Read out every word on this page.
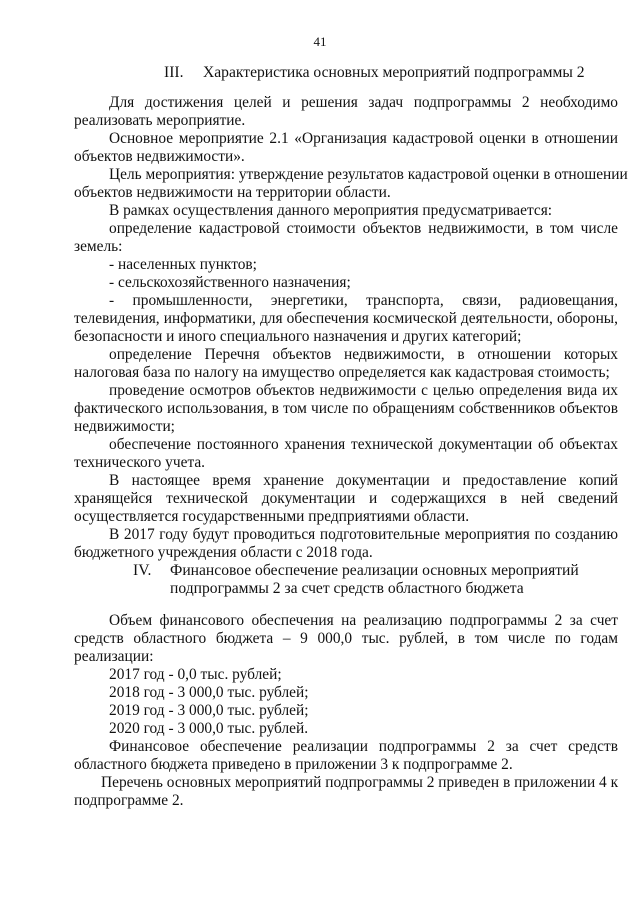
41
III. Характеристика основных мероприятий подпрограммы 2
Для достижения целей и решения задач подпрограммы 2 необходимо
реализовать мероприятие.
Основное мероприятие 2.1 «Организация кадастровой оценки в отношении
объектов недвижимости».
Цель мероприятия: утверждение результатов кадастровой оценки в отношении
объектов недвижимости на территории области.
В рамках осуществления данного мероприятия предусматривается:
определение кадастровой стоимости объектов недвижимости, в том числе
земель:
- населенных пунктов;
- сельскохозяйственного назначения;
- промышленности, энергетики, транспорта, связи, радиовещания,
телевидения, информатики, для обеспечения космической деятельности, обороны,
безопасности и иного специального назначения и других категорий;
определение Перечня объектов недвижимости, в отношении которых
налоговая база по налогу на имущество определяется как кадастровая стоимость;
проведение осмотров объектов недвижимости с целью определения вида их
фактического использования, в том числе по обращениям собственников объектов
недвижимости;
обеспечение постоянного хранения технической документации об объектах
технического учета.
В настоящее время хранение документации и предоставление копий
хранящейся технической документации и содержащихся в ней сведений
осуществляется государственными предприятиями области.
В 2017 году будут проводиться подготовительные мероприятия по созданию
бюджетного учреждения области с 2018 года.
IV. Финансовое обеспечение реализации основных мероприятий
подпрограммы 2 за счет средств областного бюджета
Объем финансового обеспечения на реализацию подпрограммы 2 за счет
средств областного бюджета – 9 000,0 тыс. рублей, в том числе по годам
реализации:
2017 год - 0,0 тыс. рублей;
2018 год - 3 000,0 тыс. рублей;
2019 год - 3 000,0 тыс. рублей;
2020 год - 3 000,0 тыс. рублей.
Финансовое обеспечение реализации подпрограммы 2 за счет средств
областного бюджета приведено в приложении 3 к подпрограмме 2.
Перечень основных мероприятий подпрограммы 2 приведен в приложении 4 к
подпрограмме 2.
